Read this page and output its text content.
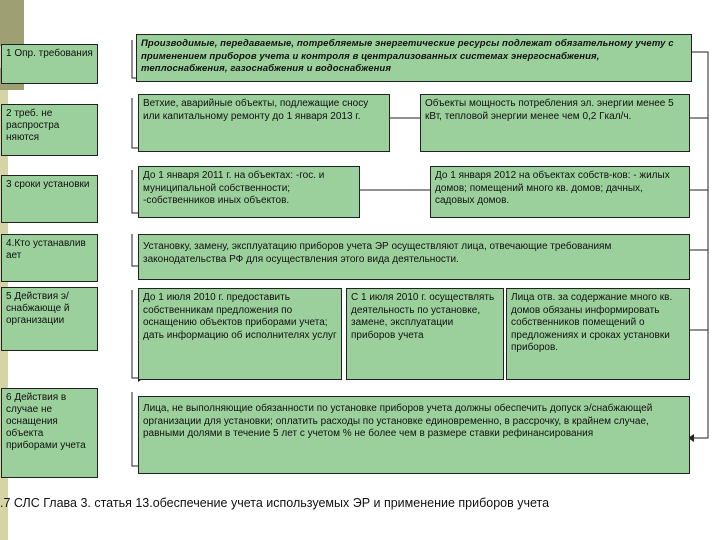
1 Опр. требования
2 треб. не распростра няются
3 сроки установки
4.Кто устанавлив ает
5 Действия э/снабжающе й организации
6 Действия в случае не оснащения объекта приборами учета
Производимые, передаваемые, потребляемые энергетические ресурсы подлежат обязательному учету с применением приборов учета и контроля в централизованных системах энергоснабжения, теплоснабжения, газоснабжения и водоснабжения
Ветхие, аварийные объекты, подлежащие сносу или капитальному ремонту до 1 января 2013 г.
Объекты мощность потребления эл. энергии менее 5 кВт, тепловой энергии менее чем 0,2 Гкал/ч.
До 1 января 2011 г. на объектах: -гос. и муниципальной собственности; -собственников иных объектов.
До 1 января 2012 на объектах собств-ков: - жилых домов; помещений много кв. домов; дачных, садовых домов.
Установку, замену, эксплуатацию приборов учета ЭР осуществляют лица, отвечающие требованиям законодательства РФ для осуществления этого вида деятельности.
До 1 июля 2010 г. предоставить собственникам предложения по оснащению объектов приборами учета; дать информацию об исполнителях услуг
С 1 июля 2010 г. осуществлять деятельность по установке, замене, эксплуатации приборов учета
Лица отв. за содержание много кв. домов обязаны информировать собственников помещений о предложениях и сроках установки приборов.
Лица, не выполняющие обязанности по установке приборов учета должны обеспечить допуск э/снабжающей организации для установки; оплатить расходы по установке единовременно, в рассрочку, в крайнем случае, равными долями в течение 5 лет с учетом % не более чем в размере ставки рефинансирования
.7 СЛС Глава 3. статья 13.обеспечение учета используемых ЭР и применение приборов учета
